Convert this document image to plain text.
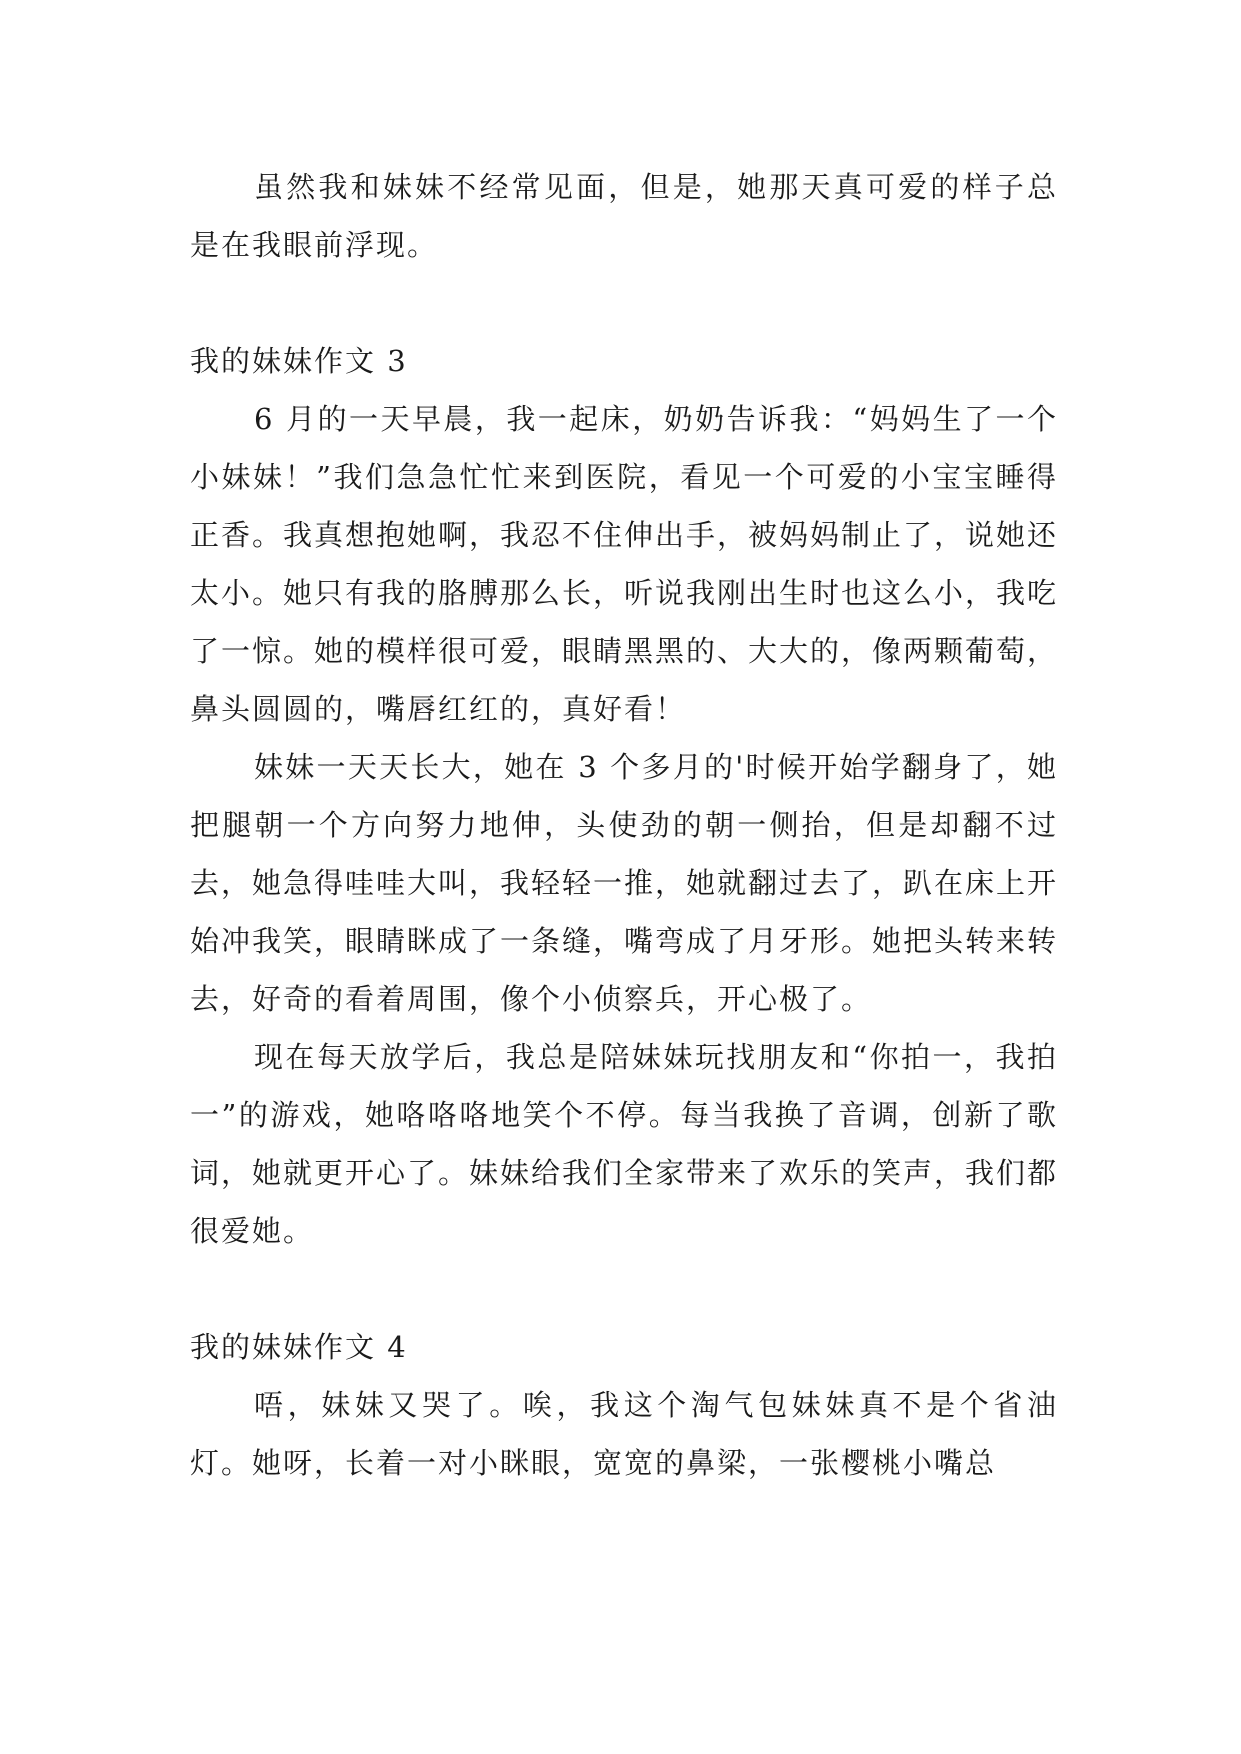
虽然我和妹妹不经常见面，但是，她那天真可爱的样子总是在我眼前浮现。

我的妹妹作文 3

6 月的一天早晨，我一起床，奶奶告诉我：“妈妈生了一个小妹妹！”我们急急忙忙来到医院，看见一个可爱的小宝宝睡得正香。我真想抱她啊，我忍不住伸出手，被妈妈制止了，说她还太小。她只有我的胳膊那么长，听说我刚出生时也这么小，我吃了一惊。她的模样很可爱，眼睛黑黑的、大大的，像两颗葡萄，鼻头圆圆的，嘴唇红红的，真好看！

妹妹一天天长大，她在 3 个多月的'时候开始学翻身了，她把腿朝一个方向努力地伸，头使劲的朝一侧抬，但是却翻不过去，她急得哇哇大叫，我轻轻一推，她就翻过去了，趴在床上开始冲我笑，眼睛眯成了一条缝，嘴弯成了月牙形。她把头转来转去，好奇的看着周围，像个小侦察兵，开心极了。

现在每天放学后，我总是陪妹妹玩找朋友和“你拍一，我拍一”的游戏，她咯咯咯地笑个不停。每当我换了音调，创新了歌词，她就更开心了。妹妹给我们全家带来了欢乐的笑声，我们都很爱她。

我的妹妹作文 4

唔，妹妹又哭了。唉，我这个淘气包妹妹真不是个省油灯。她呀，长着一对小眯眼，宽宽的鼻梁，一张樱桃小嘴总
